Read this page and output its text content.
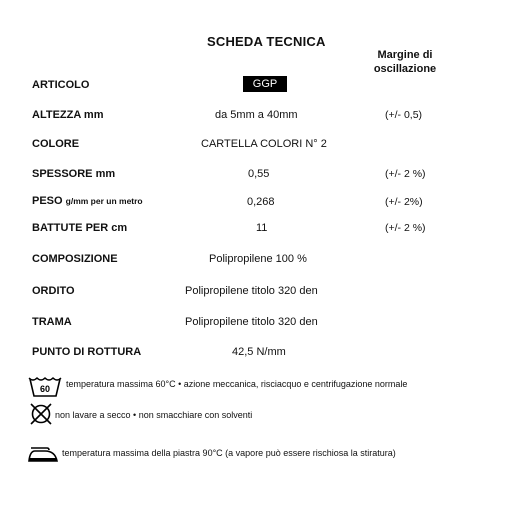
SCHEDA TECNICA
Margine di oscillazione
ARTICOLO	GGP
ALTEZZA mm	da 5mm a 40mm	(+/- 0,5)
COLORE	CARTELLA COLORI N° 2
SPESSORE mm	0,55	(+/- 2 %)
PESO g/mm per un metro	0,268	(+/- 2%)
BATTUTE PER cm	11	(+/- 2 %)
COMPOSIZIONE	Polipropilene 100 %
ORDITO	Polipropilene titolo 320 den
TRAMA	Polipropilene titolo 320 den
PUNTO DI ROTTURA	42,5 N/mm
60 temperatura massima 60°C • azione meccanica, risciacquo e centrifugazione normale
non lavare a secco • non smacchiare con solventi
temperatura massima della piastra 90°C (a vapore può essere rischiosa la stiratura)
